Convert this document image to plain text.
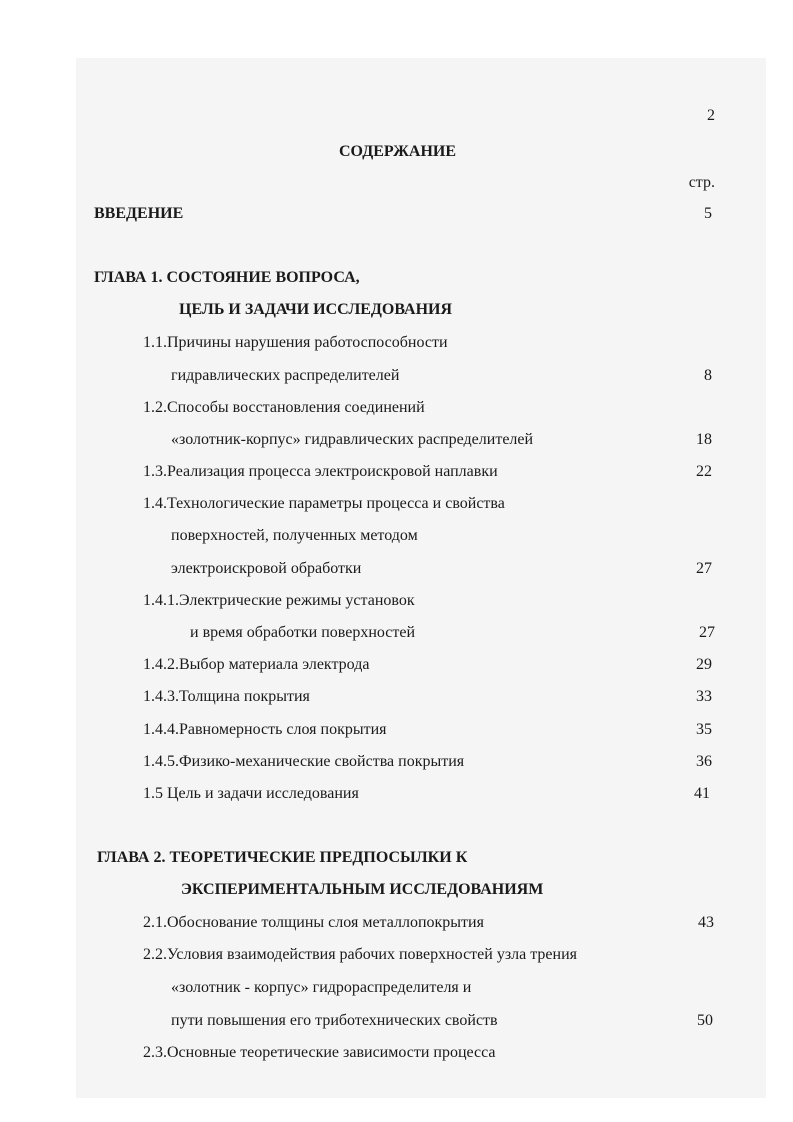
2
СОДЕРЖАНИЕ
стр.
ВВЕДЕНИЕ	5
ГЛАВА 1. СОСТОЯНИЕ ВОПРОСА,
ЦЕЛЬ И ЗАДАЧИ ИССЛЕДОВАНИЯ
1.1.Причины нарушения работоспособности
гидравлических распределителей	8
1.2.Способы восстановления соединений
«золотник-корпус» гидравлических распределителей	18
1.3.Реализация процесса электроискровой наплавки	22
1.4.Технологические параметры процесса и свойства
поверхностей, полученных методом
электроискровой обработки	27
1.4.1.Электрические режимы установок
и время обработки поверхностей	27
1.4.2.Выбор материала электрода	29
1.4.3.Толщина покрытия	33
1.4.4.Равномерность слоя покрытия	35
1.4.5.Физико-механические свойства покрытия	36
1.5 Цель и задачи исследования	41
ГЛАВА 2. ТЕОРЕТИЧЕСКИЕ ПРЕДПОСЫЛКИ К
ЭКСПЕРИМЕНТАЛЬНЫМ ИССЛЕДОВАНИЯМ
2.1.Обоснование толщины слоя металлопокрытия	43
2.2.Условия взаимодействия рабочих поверхностей узла трения
«золотник - корпус» гидрораспределителя и
пути повышения его триботехнических свойств	50
2.3.Основные теоретические зависимости процесса
